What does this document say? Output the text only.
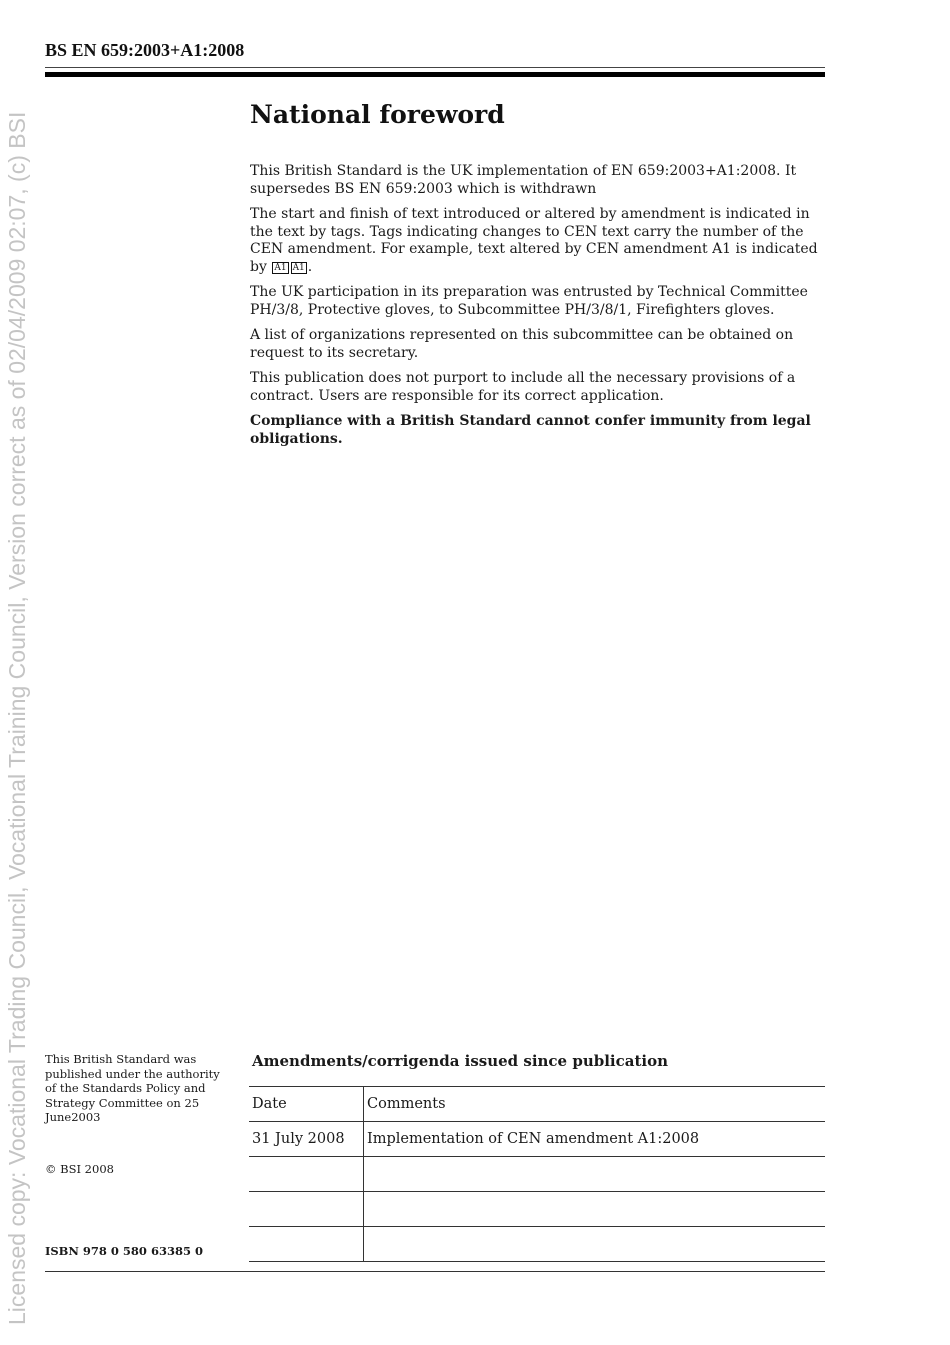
Licensed copy: Vocational Trading Council, Vocational Training Council, Version correct as of 02/04/2009 02:07, (c) BSI
BS EN 659:2003+A1:2008
National foreword

This British Standard is the UK implementation of EN 659:2003+A1:2008. It supersedes BS EN 659:2003 which is withdrawn

The start and finish of text introduced or altered by amendment is indicated in the text by tags. Tags indicating changes to CEN text carry the number of the CEN amendment. For example, text altered by CEN amendment A1 is indicated by A1 A1 .

The UK participation in its preparation was entrusted by Technical Committee PH/3/8, Protective gloves, to Subcommittee PH/3/8/1, Firefighters gloves.

A list of organizations represented on this subcommittee can be obtained on request to its secretary.

This publication does not purport to include all the necessary provisions of a contract. Users are responsible for its correct application.

Compliance with a British Standard cannot confer immunity from legal obligations.

This British Standard was published under the authority of the Standards Policy and Strategy Committee on 25 June2003
© BSI 2008
ISBN 978 0 580 63385 0
Amendments/corrigenda issued since publication
Date	Comments
31 July 2008	Implementation of CEN amendment A1:2008
